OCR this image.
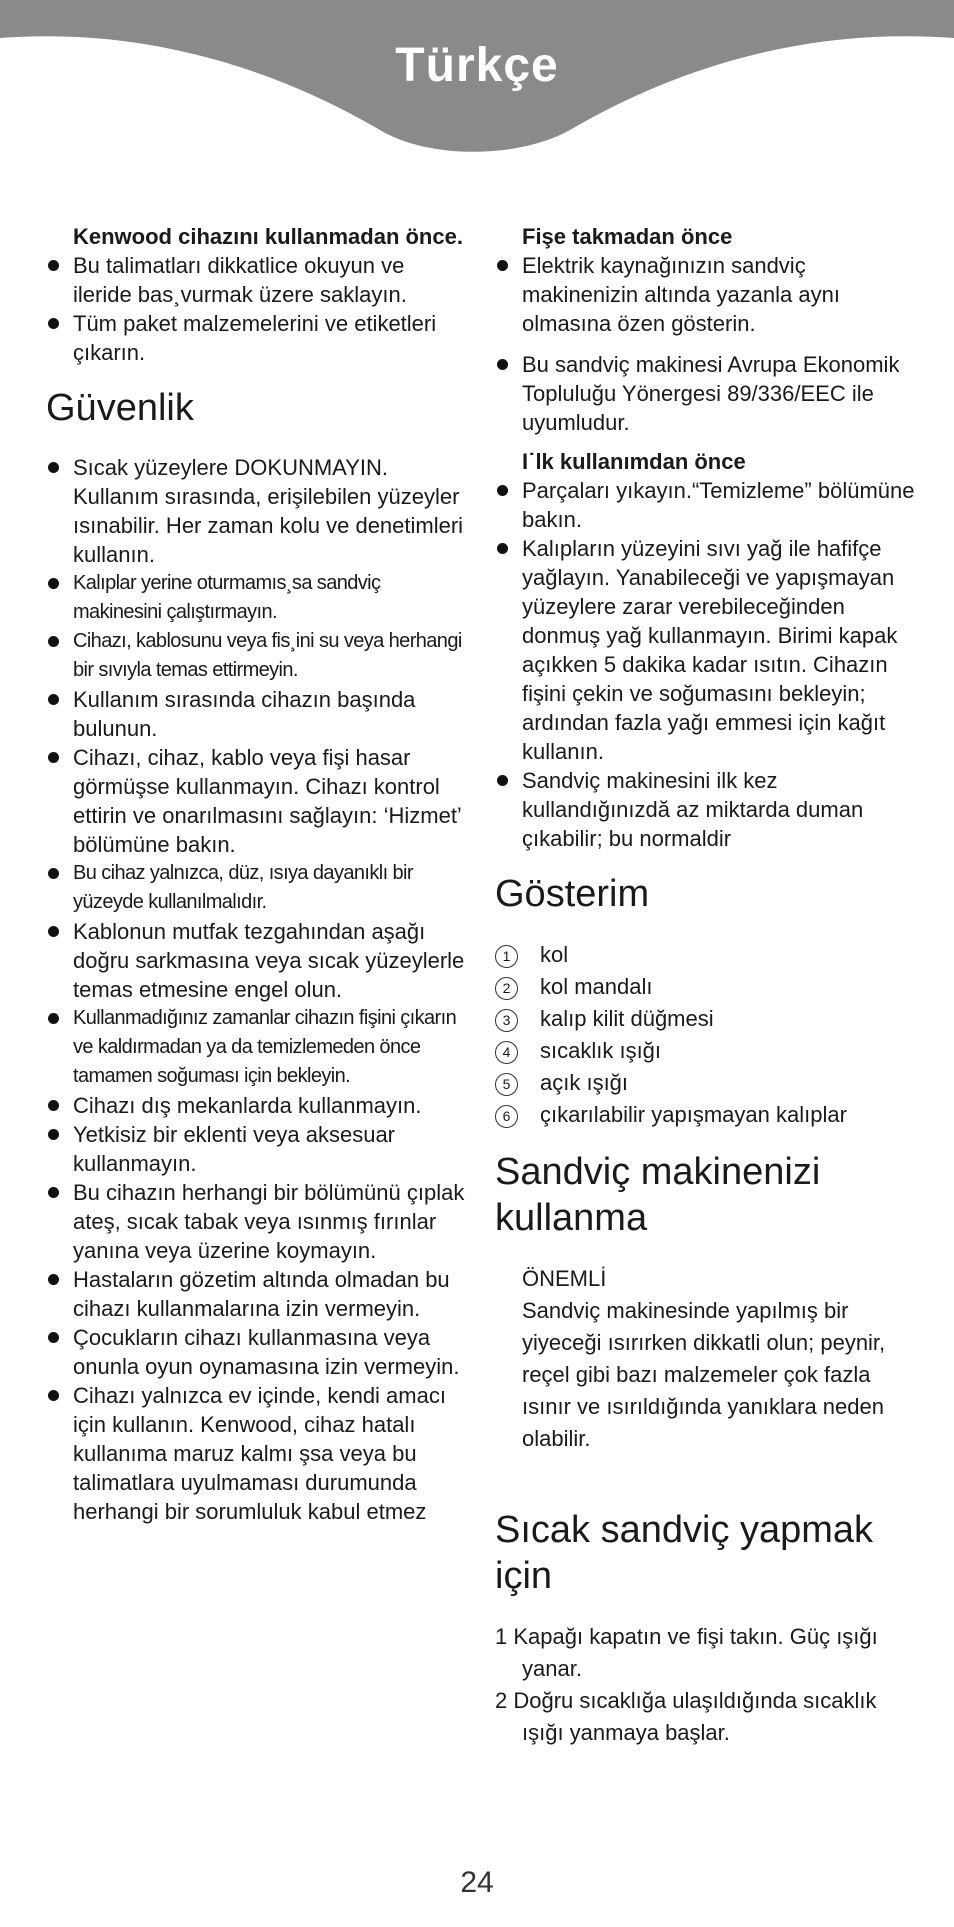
Türkçe
Kenwood cihazını kullanmadan önce.
Bu talimatları dikkatlice okuyun ve ileride bas¸vurmak üzere saklayın.
Tüm paket malzemelerini ve etiketleri çıkarın.
Güvenlik
Sıcak yüzeylere DOKUNMAYIN. Kullanım sırasında, erişilebilen yüzeyler ısınabilir. Her zaman kolu ve denetimleri kullanın.
Kalıplar yerine oturmamıs¸sa sandviç makinesini çalıştırmayın.
Cihazı, kablosunu veya fis¸ini su veya herhangi bir sıvıyla temas ettirmeyin.
Kullanım sırasında cihazın başında bulunun.
Cihazı, cihaz, kablo veya fişi hasar görmüşse kullanmayın. Cihazı kontrol ettirin ve onarılmasını sağlayın: ‘Hizmet’ bölümüne bakın.
Bu cihaz yalnızca, düz, ısıya dayanıklı bir yüzeyde kullanılmalıdır.
Kablonun mutfak tezgahından aşağı doğru sarkmasına veya sıcak yüzeylerle temas etmesine engel olun.
Kullanmadığınız zamanlar cihazın fişini çıkarın ve kaldırmadan ya da temizlemeden önce tamamen soğuması için bekleyin.
Cihazı dış mekanlarda kullanmayın.
Yetkisiz bir eklenti veya aksesuar kullanmayın.
Bu cihazın herhangi bir bölümünü çıplak ateş, sıcak tabak veya ısınmış fırınlar yanına veya üzerine koymayın.
Hastaların gözetim altında olmadan bu cihazı kullanmalarına izin vermeyin.
Çocukların cihazı kullanmasına veya onunla oyun oynamasına izin vermeyin.
Cihazı yalnızca ev içinde, kendi amacı için kullanın. Kenwood, cihaz hatalı kullanıma maruz kalmı şsa veya bu talimatlara uyulmaması durumunda herhangi bir sorumluluk kabul etmez
Fişe takmadan önce
Elektrik kaynağınızın sandviç makinenizin altında yazanla aynı olmasına özen gösterin.
Bu sandviç makinesi Avrupa Ekonomik Topluluğu Yönergesi 89/336/EEC ile uyumludur.
I˙lk kullanımdan önce
Parçaları yıkayın.“Temizleme” bölümüne bakın.
Kalıpların yüzeyini sıvı yağ ile hafifçe yağlayın. Yanabileceği ve yapışmayan yüzeylere zarar verebileceğinden donmuş yağ kullanmayın. Birimi kapak açıkken 5 dakika kadar ısıtın. Cihazın fişini çekin ve soğumasını bekleyin; ardından fazla yağı emmesi için kağıt kullanın.
Sandviç makinesini ilk kez kullandığınızdă az miktarda duman çıkabilir; bu normaldir
Gösterim
1	kol
2	kol mandalı
3	kalıp kilit düğmesi
4	sıcaklık ışığı
5	açık ışığı
6	çıkarılabilir yapışmayan kalıplar
Sandviç makinenizi kullanma
ÖNEMLİ
Sandviç makinesinde yapılmış bir yiyeceği ısırırken dikkatli olun; peynir, reçel gibi bazı malzemeler çok fazla ısınır ve ısırıldığında yanıklara neden olabilir.
Sıcak sandviç yapmak için
1 Kapağı kapatın ve fişi takın. Güç ışığı yanar.
2 Doğru sıcaklığa ulaşıldığında sıcaklık ışığı yanmaya başlar.
24
